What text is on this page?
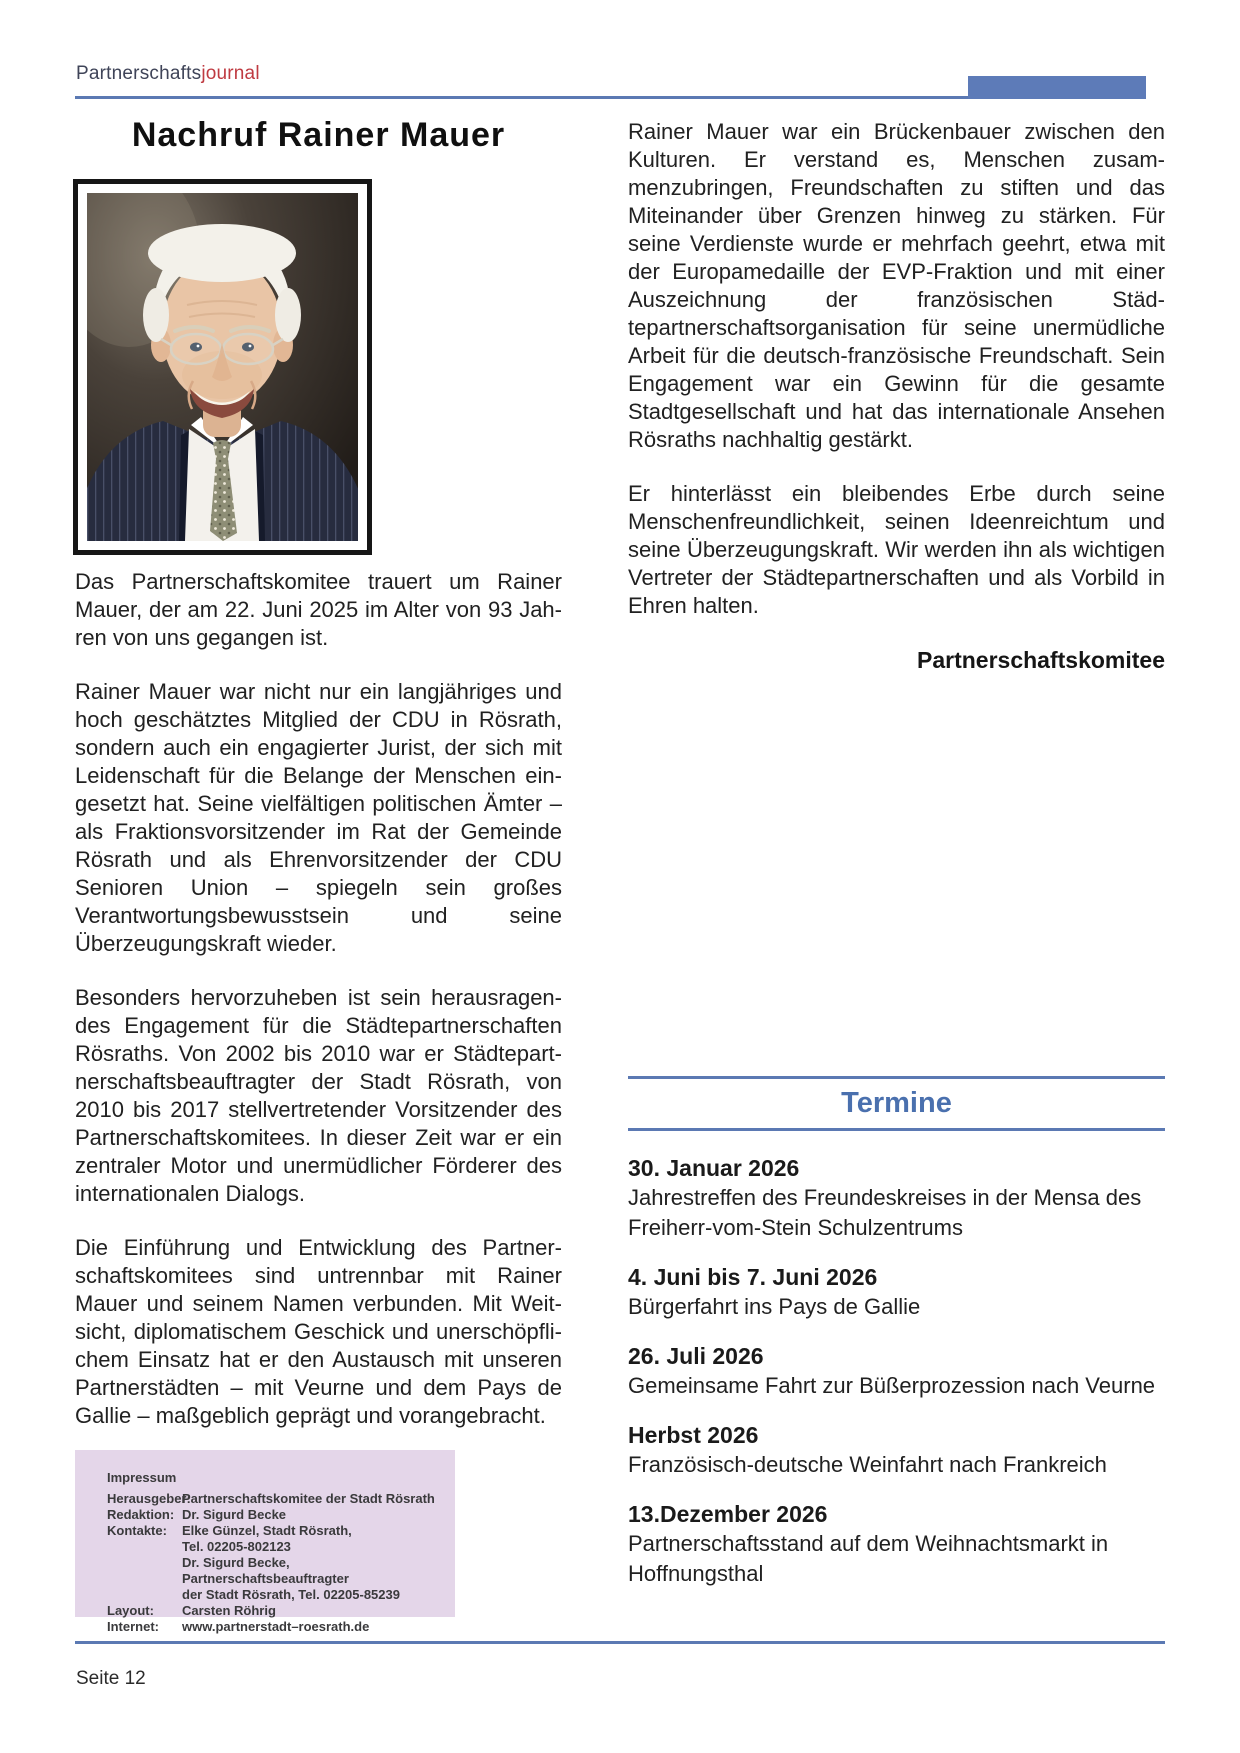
Partnerschaftsjournal
Nachruf Rainer Mauer

Das Partnerschaftskomitee trauert um Rainer Mauer, der am 22. Juni 2025 im Alter von 93 Jahren von uns gegangen ist.

Rainer Mauer war nicht nur ein langjähriges und hoch geschätztes Mitglied der CDU in Rösrath, sondern auch ein engagierter Jurist, der sich mit Leidenschaft für die Belange der Menschen eingesetzt hat. Seine vielfältigen politischen Ämter – als Fraktionsvorsitzender im Rat der Gemeinde Rösrath und als Ehrenvorsitzender der CDU Senioren Union – spiegeln sein großes Verantwortungsbewusstsein und seine Überzeugungskraft wieder.

Besonders hervorzuheben ist sein herausragendes Engagement für die Städtepartnerschaften Rösraths. Von 2002 bis 2010 war er Städtepartnerschaftsbeauftragter der Stadt Rösrath, von 2010 bis 2017 stellvertretender Vorsitzender des Partnerschaftskomitees. In dieser Zeit war er ein zentraler Motor und unermüdlicher Förderer des internationalen Dialogs.

Die Einführung und Entwicklung des Partnerschaftskomitees sind untrennbar mit Rainer Mauer und seinem Namen verbunden. Mit Weitsicht, diplomatischem Geschick und unerschöpflichem Einsatz hat er den Austausch mit unseren Partnerstädten – mit Veurne und dem Pays de Gallie – maßgeblich geprägt und vorangebracht.

Rainer Mauer war ein Brückenbauer zwischen den Kulturen. Er verstand es, Menschen zusammenzubringen, Freundschaften zu stiften und das Miteinander über Grenzen hinweg zu stärken. Für seine Verdienste wurde er mehrfach geehrt, etwa mit der Europamedaille der EVP-Fraktion und mit einer Auszeichnung der französischen Städtepartnerschaftsorganisation für seine unermüdliche Arbeit für die deutsch-französische Freundschaft. Sein Engagement war ein Gewinn für die gesamte Stadtgesellschaft und hat das internationale Ansehen Rösraths nachhaltig gestärkt.

Er hinterlässt ein bleibendes Erbe durch seine Menschenfreundlichkeit, seinen Ideenreichtum und seine Überzeugungskraft. Wir werden ihn als wichtigen Vertreter der Städtepartnerschaften und als Vorbild in Ehren halten.

Partnerschaftskomitee
Termine
30. Januar 2026
Jahrestreffen des Freundeskreises in der Mensa des Freiherr-vom-Stein Schulzentrums
4. Juni bis 7. Juni 2026
Bürgerfahrt ins Pays de Gallie
26. Juli 2026
Gemeinsame Fahrt zur Büßerprozession nach Veurne
Herbst 2026
Französisch-deutsche Weinfahrt nach Frankreich
13.Dezember 2026
Partnerschaftsstand auf dem Weihnachtsmarkt in Hoffnungsthal
Impressum
Herausgeber:
Partnerschaftskomitee der Stadt Rösrath
Redaktion: Dr. Sigurd Becke
Kontakte:	Elke Günzel, Stadt Rösrath,
Tel. 02205-802123
Dr. Sigurd Becke, Partnerschaftsbeauftragter
der Stadt Rösrath, Tel. 02205-85239
Layout:	Carsten Röhrig
Internet:	www.partnerstadt–roesrath.de
Seite 12
